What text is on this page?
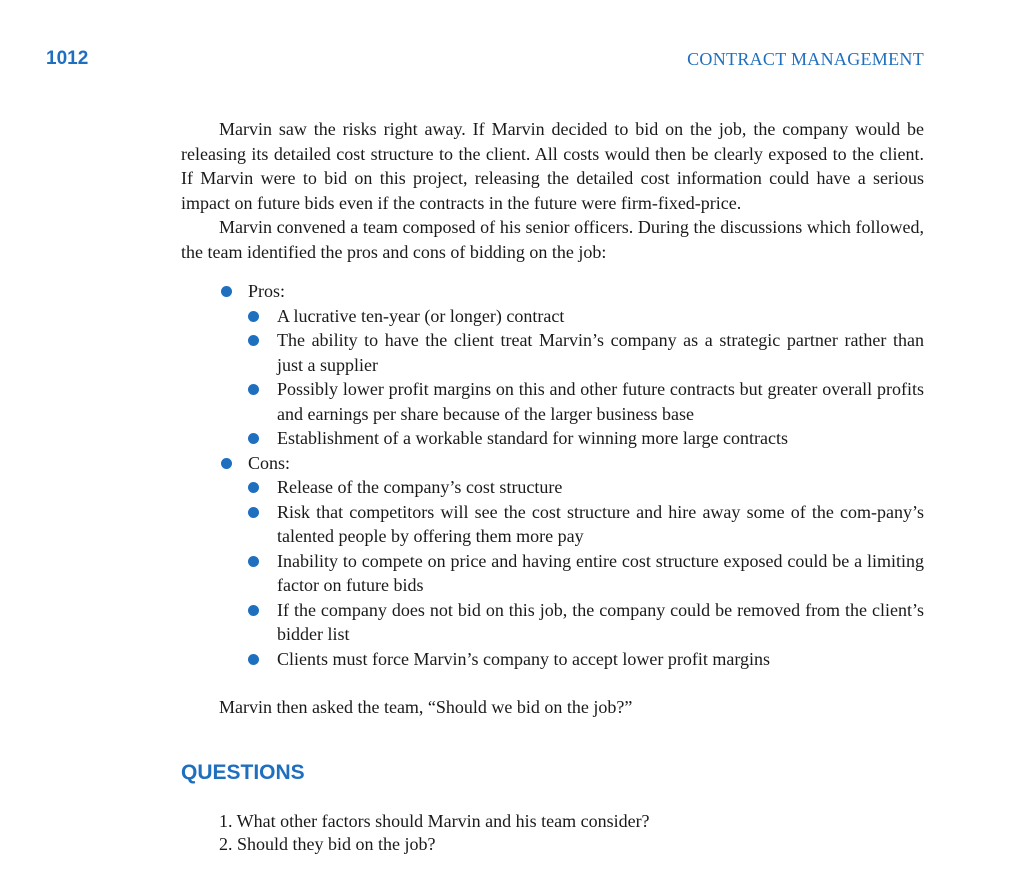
1012	CONTRACT MANAGEMENT

Marvin saw the risks right away. If Marvin decided to bid on the job, the company would be releasing its detailed cost structure to the client. All costs would then be clearly exposed to the client. If Marvin were to bid on this project, releasing the detailed cost information could have a serious impact on future bids even if the contracts in the future were firm-fixed-price.

Marvin convened a team composed of his senior officers. During the discussions which followed, the team identified the pros and cons of bidding on the job:

Pros:
A lucrative ten-year (or longer) contract
The ability to have the client treat Marvin’s company as a strategic partner rather than just a supplier
Possibly lower profit margins on this and other future contracts but greater overall profits and earnings per share because of the larger business base
Establishment of a workable standard for winning more large contracts
Cons:
Release of the company’s cost structure
Risk that competitors will see the cost structure and hire away some of the com-pany’s talented people by offering them more pay
Inability to compete on price and having entire cost structure exposed could be a limiting factor on future bids
If the company does not bid on this job, the company could be removed from the client’s bidder list
Clients must force Marvin’s company to accept lower profit margins
Marvin then asked the team, “Should we bid on the job?”
QUESTIONS
1. What other factors should Marvin and his team consider?
2. Should they bid on the job?
